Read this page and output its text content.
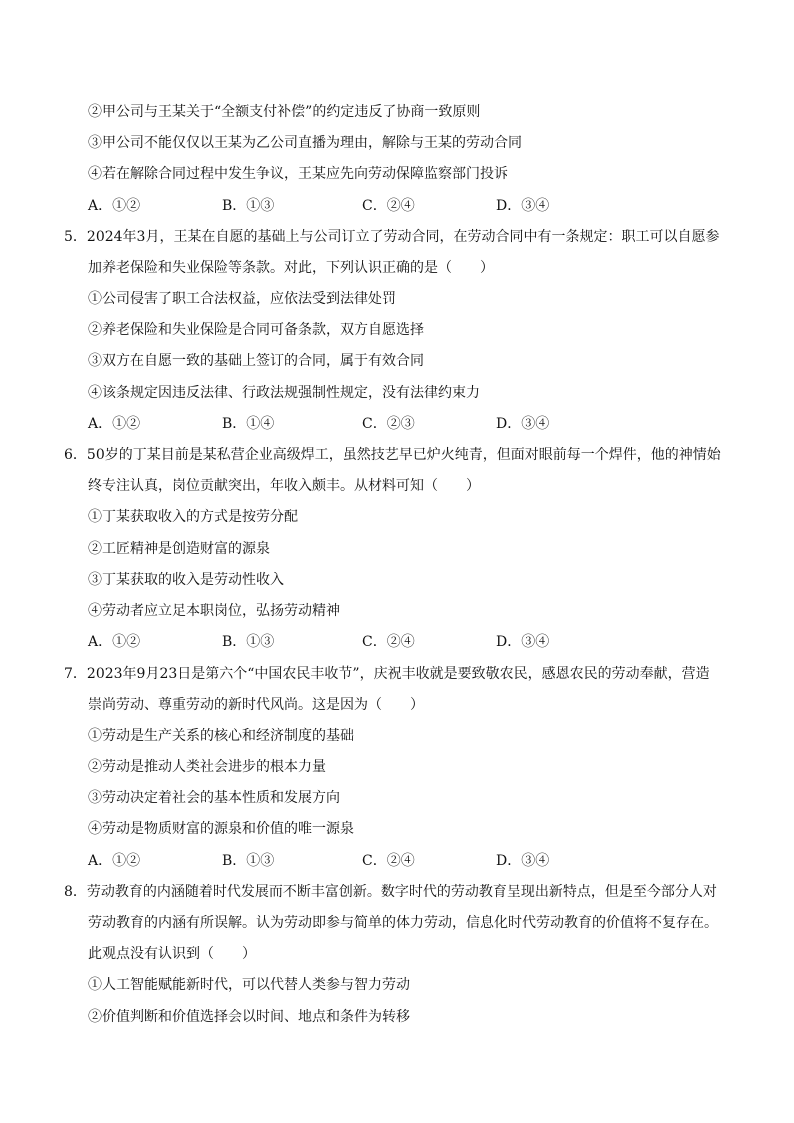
②甲公司与王某关于“全额支付补偿”的约定违反了协商一致原则
③甲公司不能仅仅以王某为乙公司直播为理由，解除与王某的劳动合同
④若在解除合同过程中发生争议，王某应先向劳动保障监察部门投诉
A．①②	B．①③	C．②④	D．③④
5．2024年3月，王某在自愿的基础上与公司订立了劳动合同，在劳动合同中有一条规定：职工可以自愿参
加养老保险和失业保险等条款。对此，下列认识正确的是（　　）
①公司侵害了职工合法权益，应依法受到法律处罚
②养老保险和失业保险是合同可备条款，双方自愿选择
③双方在自愿一致的基础上签订的合同，属于有效合同
④该条规定因违反法律、行政法规强制性规定，没有法律约束力
A．①②	B．①④	C．②③	D．③④
6．50岁的丁某目前是某私营企业高级焊工，虽然技艺早已炉火纯青，但面对眼前每一个焊件，他的神情始
终专注认真，岗位贡献突出，年收入颇丰。从材料可知（　　）
①丁某获取收入的方式是按劳分配
②工匠精神是创造财富的源泉
③丁某获取的收入是劳动性收入
④劳动者应立足本职岗位，弘扬劳动精神
A．①②	B．①③	C．②④	D．③④
7．2023年9月23日是第六个“中国农民丰收节”，庆祝丰收就是要致敬农民，感恩农民的劳动奉献，营造
崇尚劳动、尊重劳动的新时代风尚。这是因为（　　）
①劳动是生产关系的核心和经济制度的基础
②劳动是推动人类社会进步的根本力量
③劳动决定着社会的基本性质和发展方向
④劳动是物质财富的源泉和价值的唯一源泉
A．①②	B．①③	C．②④	D．③④
8．劳动教育的内涵随着时代发展而不断丰富创新。数字时代的劳动教育呈现出新特点，但是至今部分人对
劳动教育的内涵有所误解。认为劳动即参与简单的体力劳动，信息化时代劳动教育的价值将不复存在。
此观点没有认识到（　　）
①人工智能赋能新时代，可以代替人类参与智力劳动
②价值判断和价值选择会以时间、地点和条件为转移
